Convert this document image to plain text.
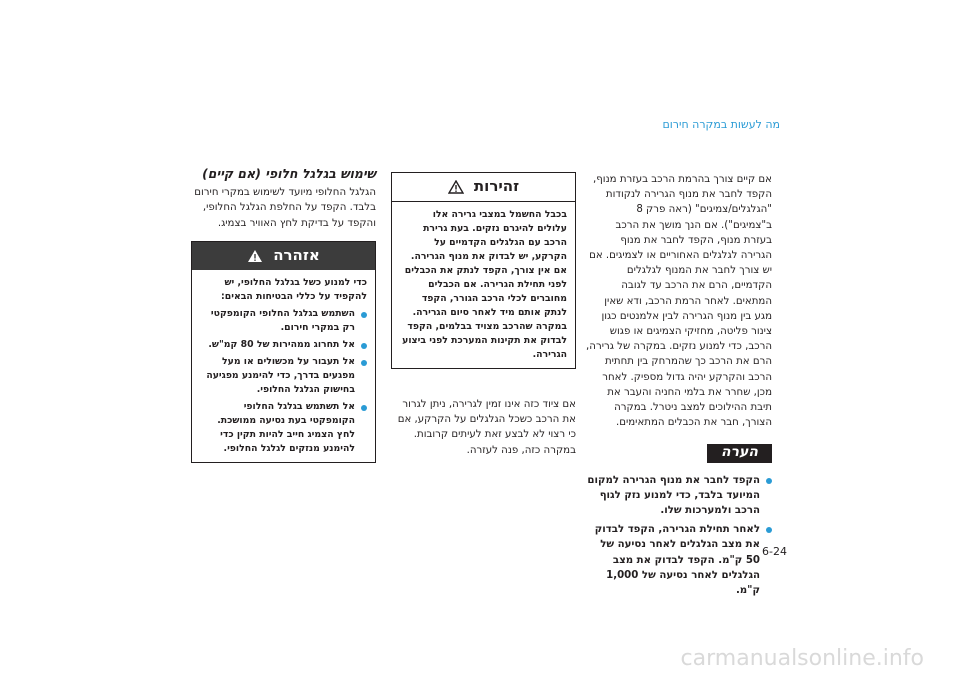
מה לעשות במקרה חירום

אם קיים צורך בהרמת הרכב בעזרת מנוף, הקפד לחבר את מנוף הגרירה לנקודות "הגלגלים/צמיגים" (ראה פרק 8 ב"צמיגים"). אם הנך מושך את הרכב בעזרת מנוף, הקפד לחבר את מנוף הגרירה לגלגלים האחוריים או לצמיגים. אם יש צורך לחבר את המנוף לגלגלים הקדמיים, הרם את הרכב עד לגובה המתאים. לאחר הרמת הרכב, ודא שאין מגע בין מנוף הגרירה לבין אלמנטים כגון צינור פליטה, מחזיקי הצמיגים או פגוש הרכב, כדי למנוע נזקים. במקרה של גרירה, הרם את הרכב כך שהמרחק בין תחתית הרכב והקרקע יהיה גדול מספיק. לאחר מכן, שחרר את בלמי החניה והעבר את תיבת ההילוכים למצב ניטרל. במקרה הצורך, חבר את הכבלים המתאימים.

הערה

הקפד לחבר את מנוף הגרירה למקום המיועד בלבד, כדי למנוע נזק לגוף הרכב ולמערכות שלו.

לאחר תחילת הגרירה, הקפד לבדוק את מצב הגלגלים לאחר נסיעה של 50 ק"מ. הקפד לבדוק את מצב הגלגלים לאחר נסיעה של 1,000 ק"מ.

זהירות
בכבל החשמל במצבי גרירה אלו עלולים להיגרם נזקים. בעת גרירת הרכב עם הגלגלים הקדמיים על הקרקע, יש לבדוק את מנוף הגרירה. אם אין צורך, הקפד לנתק את הכבלים לפני תחילת הגרירה. אם הכבלים מחוברים לכלי הרכב הגורר, הקפד לנתק אותם מיד לאחר סיום הגרירה. במקרה שהרכב מצויד בבלמים, הקפד לבדוק את תקינות המערכת לפני ביצוע הגרירה.

אם ציוד כזה אינו זמין לגרירה, ניתן לגרור את הרכב כשכל הגלגלים על הקרקע, אם כי רצוי לא לבצע זאת לעיתים קרובות. במקרה כזה, פנה לעזרה.

שימוש בגלגל חלופי (אם קיים)

הגלגל החלופי מיועד לשימוש במקרי חירום בלבד. הקפד על החלפת הגלגל החלופי, והקפד על בדיקת לחץ האוויר בצמיג.

אזהרה
כדי למנוע כשל בגלגל החלופי, יש להקפיד על כללי הבטיחות הבאים:
השתמש בגלגל החלופי הקומפקטי רק במקרי חירום.
אל תחרוג ממהירות של 80 קמ"ש.
אל תעבור על מכשולים או מעל מפגעים בדרך, כדי להימנע מפגיעה בחישוק הגלגל החלופי.
אל תשתמש בגלגל החלופי הקומפקטי בעת נסיעה ממושכת. לחץ הצמיג חייב להיות תקין כדי להימנע מנזקים לגלגל החלופי.
6-24
carmanualsonline.info
